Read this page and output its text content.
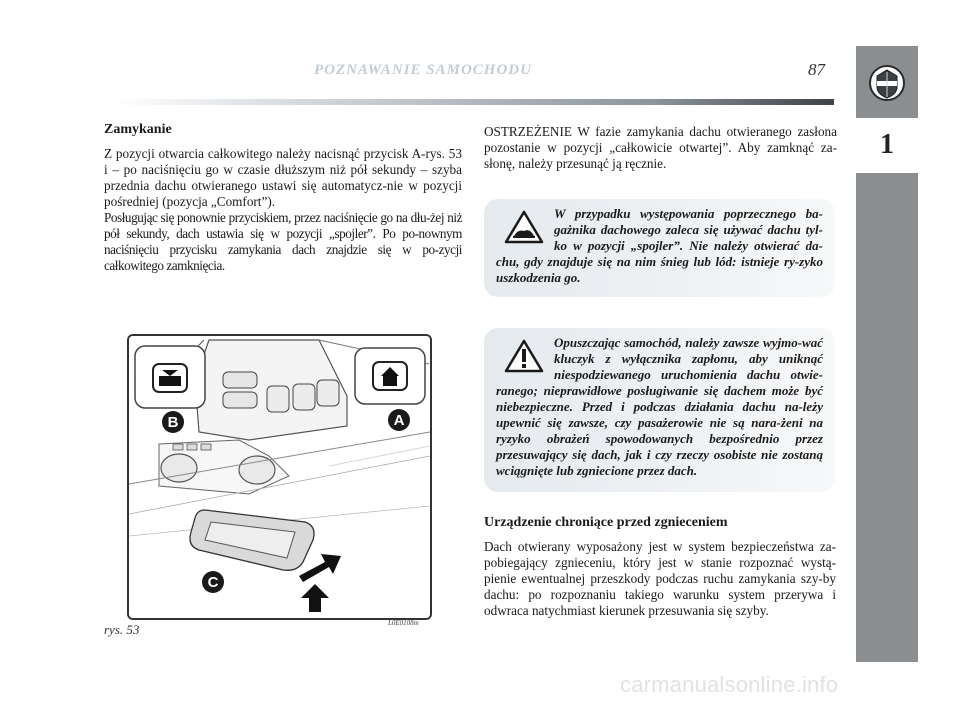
POZNAWANIE SAMOCHODU	87
1
Zamykanie

Z pozycji otwarcia całkowitego należy nacisnąć przycisk A-rys. 53 i – po naciśnięciu go w czasie dłuższym niż pół sekundy – szyba przednia dachu otwieranego ustawi się automatycz-nie w pozycji pośredniej (pozycja „Comfort”).

Posługując się ponownie przyciskiem, przez naciśnięcie go na dłu-żej niż pół sekundy, dach ustawia się w pozycji „spojler”. Po po-nownym naciśnięciu przycisku zamykania dach znajdzie się w po-zycji całkowitego zamknięcia.

OSTRZEŻENIE W fazie zamykania dachu otwieranego zasłona pozostanie w pozycji „całkowicie otwartej”. Aby zamknąć za-słonę, należy przesunąć ją ręcznie.

W przypadku występowania poprzecznego ba-gażnika dachowego zaleca się używać dachu tyl-ko w pozycji „spojler”. Nie należy otwierać da-chu, gdy znajduje się na nim śnieg lub lód: istnieje ry-zyko uszkodzenia go.

Opuszczając samochód, należy zawsze wyjmo-wać kluczyk z wyłącznika zapłonu, aby uniknąć niespodziewanego uruchomienia dachu otwie-ranego; nieprawidłowe posługiwanie się dachem może być niebezpieczne. Przed i podczas działania dachu na-leży upewnić się zawsze, czy pasażerowie nie są nara-żeni na ryzyko obrażeń spowodowanych bezpośrednio przez przesuwający się dach, jak i czy rzeczy osobiste nie zostaną wciągnięte lub zgniecione przez dach.

Urządzenie chroniące przed zgnieceniem

Dach otwierany wyposażony jest w system bezpieczeństwa za-pobiegający zgnieceniu, który jest w stanie rozpoznać wystą-pienie ewentualnej przeszkody podczas ruchu zamykania szy-by dachu: po rozpoznaniu takiego warunku system przerywa i odwraca natychmiast kierunek przesuwania się szyby.

B	A
C
rys. 53	L0E0108m
carmanualsonline.info
